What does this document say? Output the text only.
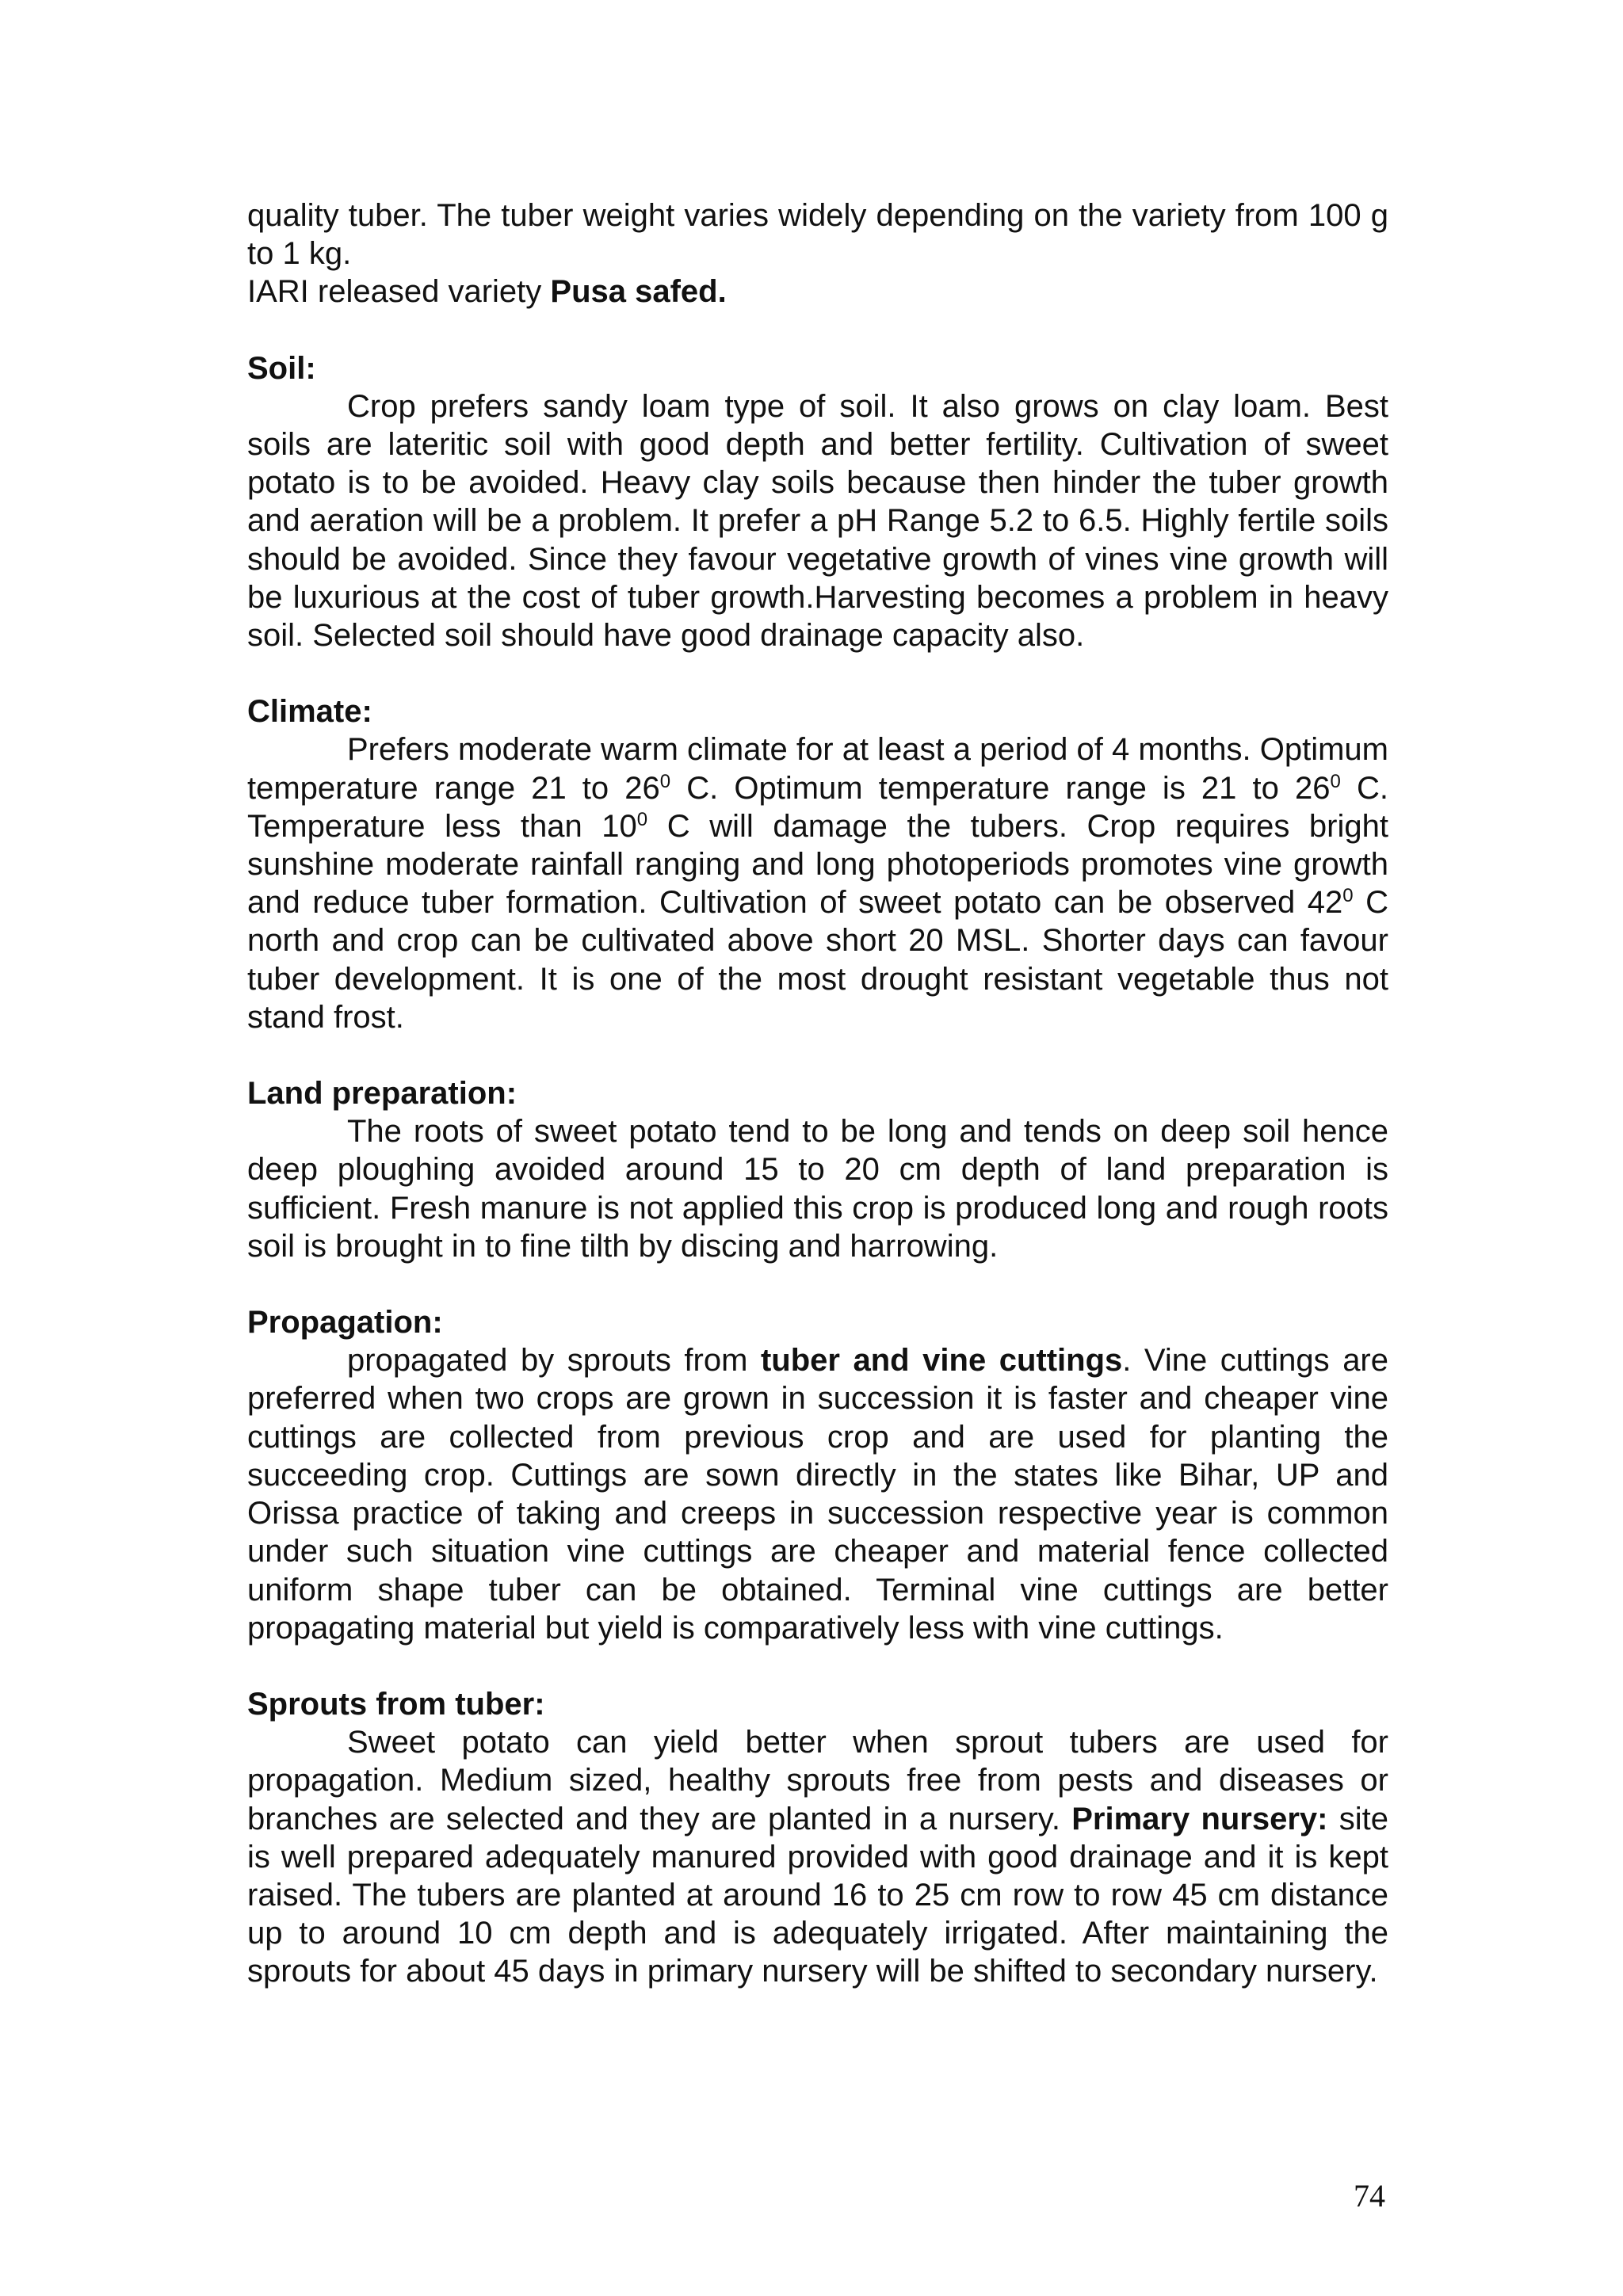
quality tuber. The tuber weight varies widely depending on the variety from 100 g to 1 kg.

IARI released variety Pusa safed.

Soil:

Crop prefers sandy loam type of soil. It also grows on clay loam. Best soils are lateritic soil with good depth and better fertility. Cultivation of sweet potato is to be avoided. Heavy clay soils because then hinder the tuber growth and aeration will be a problem. It prefer a pH Range 5.2 to 6.5. Highly fertile soils should be avoided. Since they favour vegetative growth of vines vine growth will be luxurious at the cost of tuber growth.Harvesting becomes a problem in heavy soil. Selected soil should have good drainage capacity also.

Climate:

Prefers moderate warm climate for at least a period of 4 months. Optimum temperature range 21 to $26^0$ C. Optimum temperature range is 21 to $26^0$ C. Temperature less than $10^0$ C will damage the tubers. Crop requires bright sunshine moderate rainfall ranging and long photoperiods promotes vine growth and reduce tuber formation. Cultivation of sweet potato can be observed $42^0$ C north and crop can be cultivated above short 20 MSL. Shorter days can favour tuber development. It is one of the most drought resistant vegetable thus not stand frost.

Land preparation:

The roots of sweet potato tend to be long and tends on deep soil hence deep ploughing avoided around 15 to 20 cm depth of land preparation is sufficient. Fresh manure is not applied this crop is produced long and rough roots soil is brought in to fine tilth by discing and harrowing.

Propagation:

propagated by sprouts from tuber and vine cuttings. Vine cuttings are preferred when two crops are grown in succession it is faster and cheaper vine cuttings are collected from previous crop and are used for planting the succeeding crop. Cuttings are sown directly in the states like Bihar, UP and Orissa practice of taking and creeps in succession respective year is common under such situation vine cuttings are cheaper and material fence collected uniform shape tuber can be obtained. Terminal vine cuttings are better propagating material but yield is comparatively less with vine cuttings.

Sprouts from tuber:

Sweet potato can yield better when sprout tubers are used for propagation. Medium sized, healthy sprouts free from pests and diseases or branches are selected and they are planted in a nursery. Primary nursery: site is well prepared adequately manured provided with good drainage and it is kept raised. The tubers are planted at around 16 to 25 cm row to row 45 cm distance up to around 10 cm depth and is adequately irrigated. After maintaining the sprouts for about 45 days in primary nursery will be shifted to secondary nursery.

74
